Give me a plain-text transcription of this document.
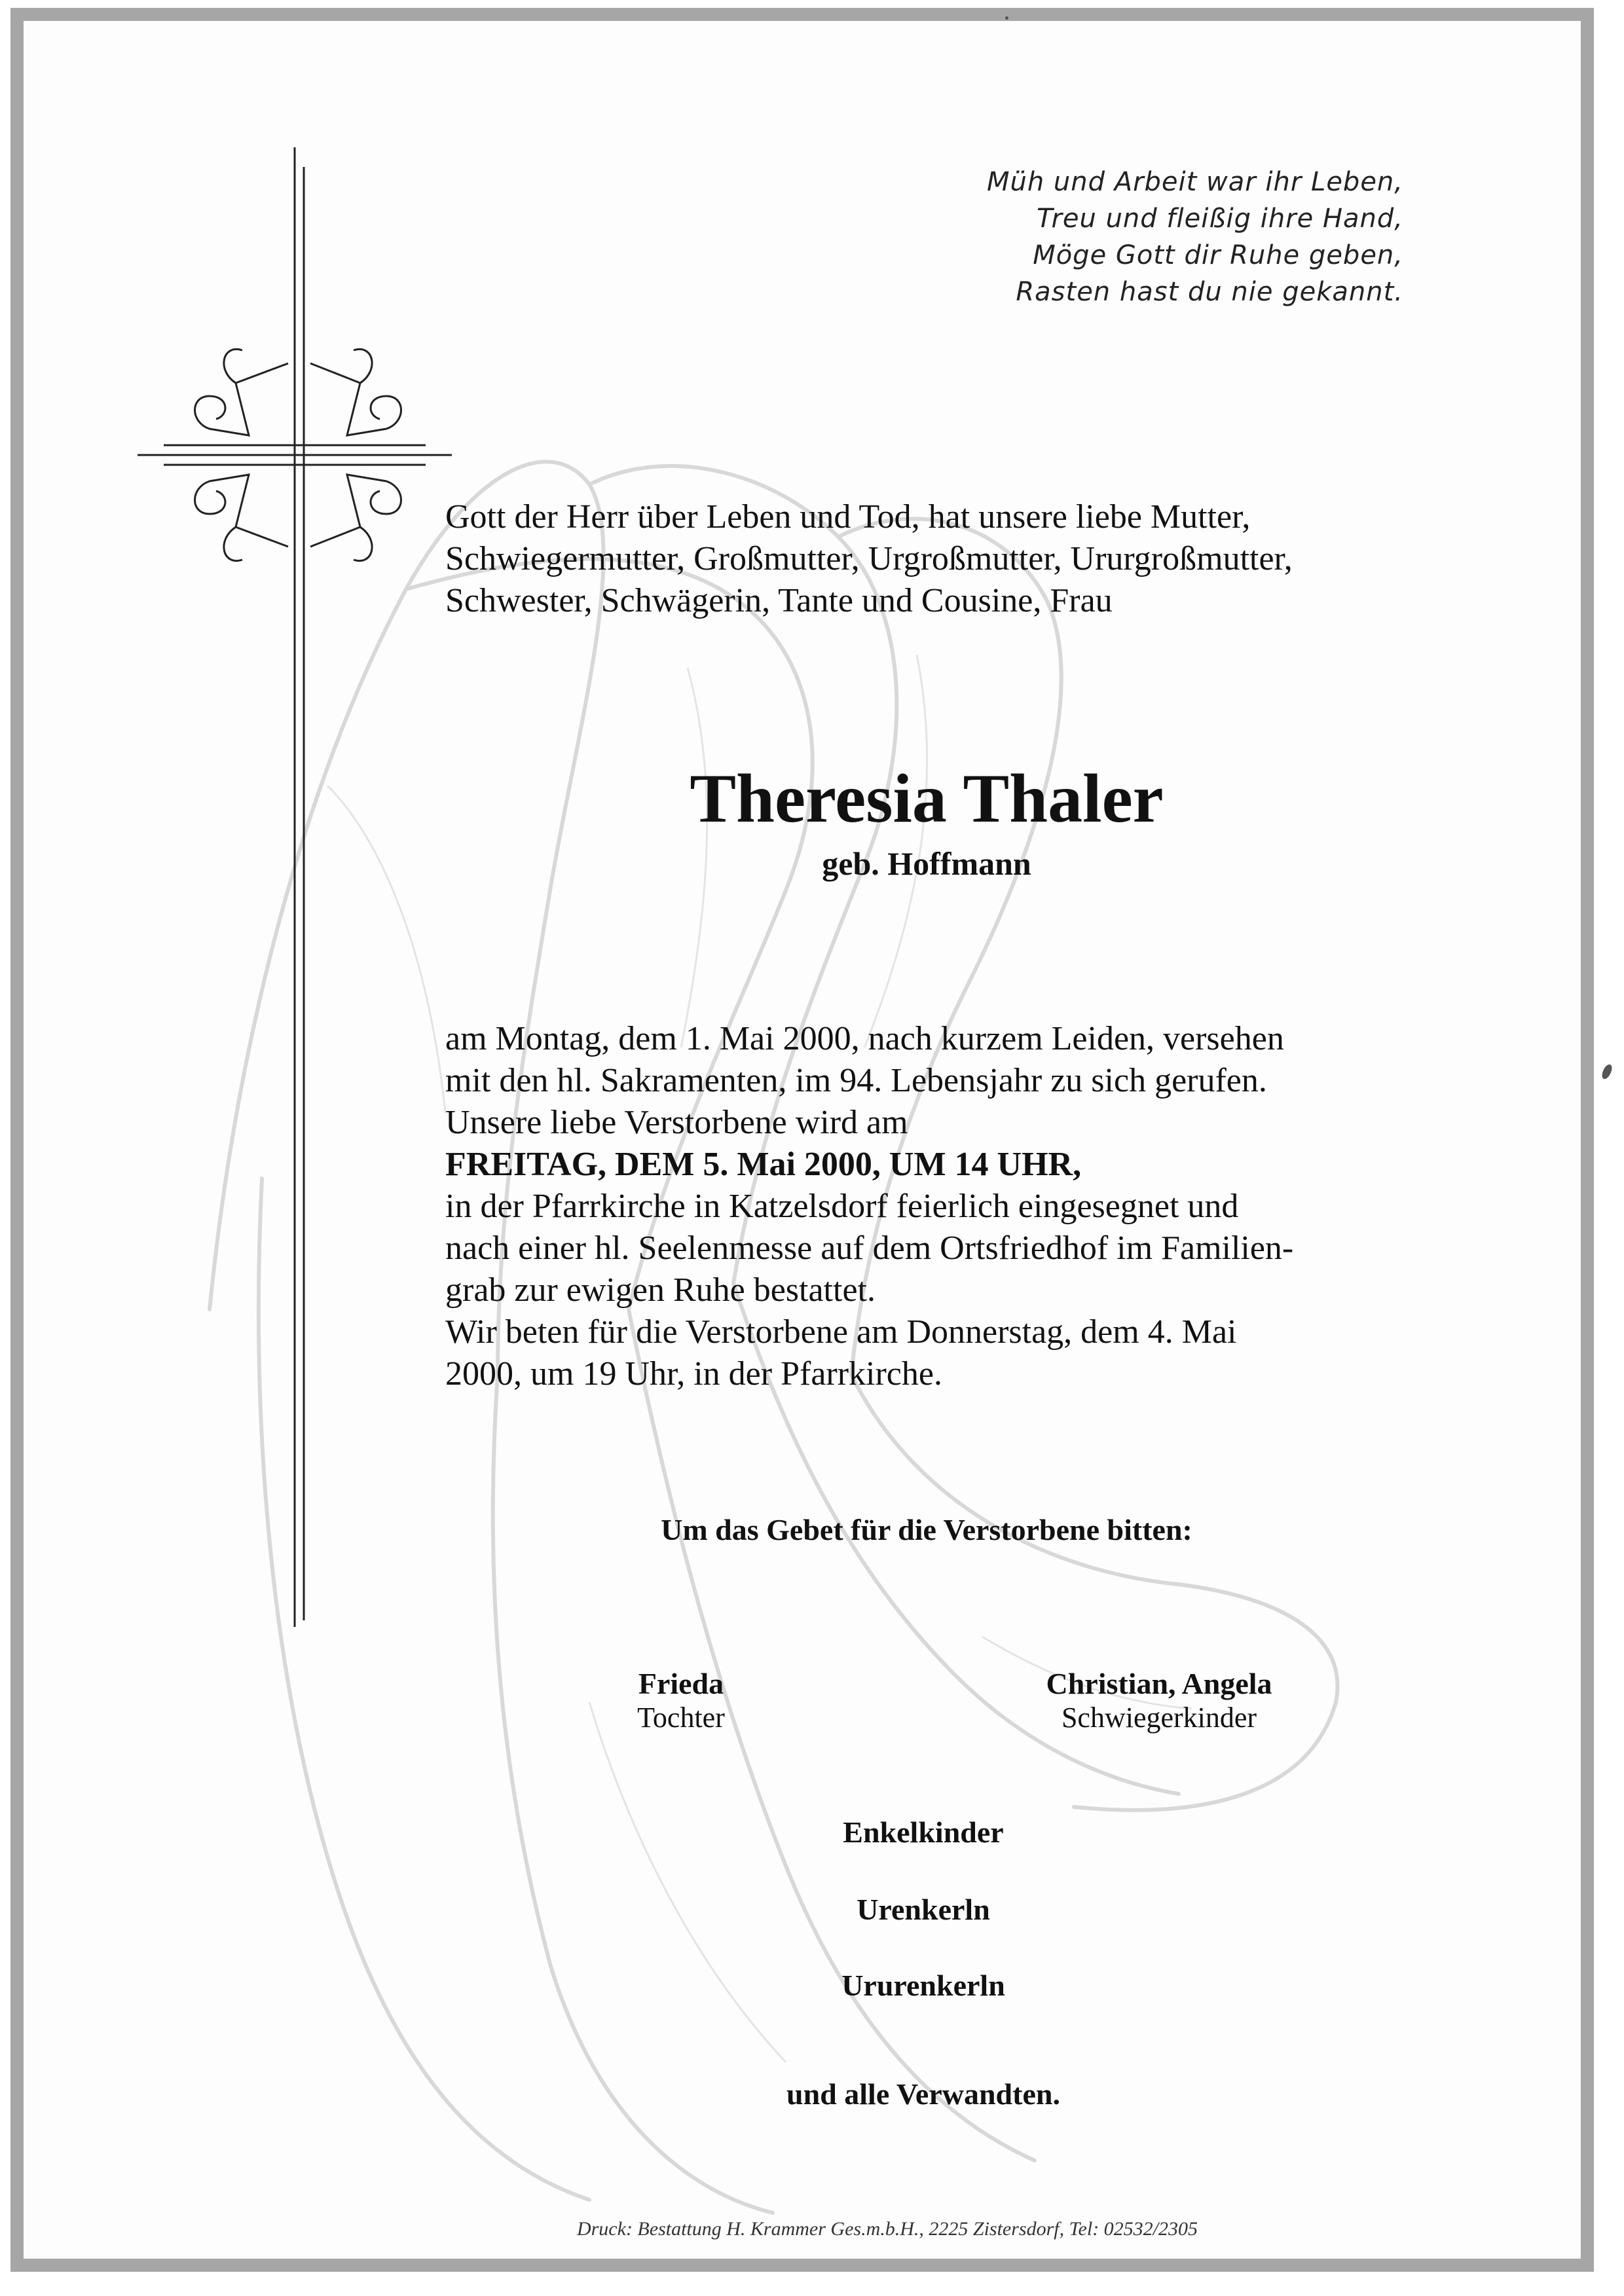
Müh und Arbeit war ihr Leben,
Treu und fleißig ihre Hand,
Möge Gott dir Ruhe geben,
Rasten hast du nie gekannt.
Gott der Herr über Leben und Tod, hat unsere liebe Mutter,
Schwiegermutter, Großmutter, Urgroßmutter, Ururgroßmutter,
Schwester, Schwägerin, Tante und Cousine, Frau
Theresia Thaler
geb. Hoffmann
am Montag, dem 1. Mai 2000, nach kurzem Leiden, versehen
mit den hl. Sakramenten, im 94. Lebensjahr zu sich gerufen.
Unsere liebe Verstorbene wird am
FREITAG, DEM 5. Mai 2000, UM 14 UHR,
in der Pfarrkirche in Katzelsdorf feierlich eingesegnet und
nach einer hl. Seelenmesse auf dem Ortsfriedhof im Familien-
grab zur ewigen Ruhe bestattet.
Wir beten für die Verstorbene am Donnerstag, dem 4. Mai
2000, um 19 Uhr, in der Pfarrkirche.
Um das Gebet für die Verstorbene bitten:
Frieda
Tochter
Christian, Angela
Schwiegerkinder
Enkelkinder
Urenkerln
Ururenkerln
und alle Verwandten.
Druck: Bestattung H. Krammer Ges.m.b.H., 2225 Zistersdorf, Tel: 02532/2305
